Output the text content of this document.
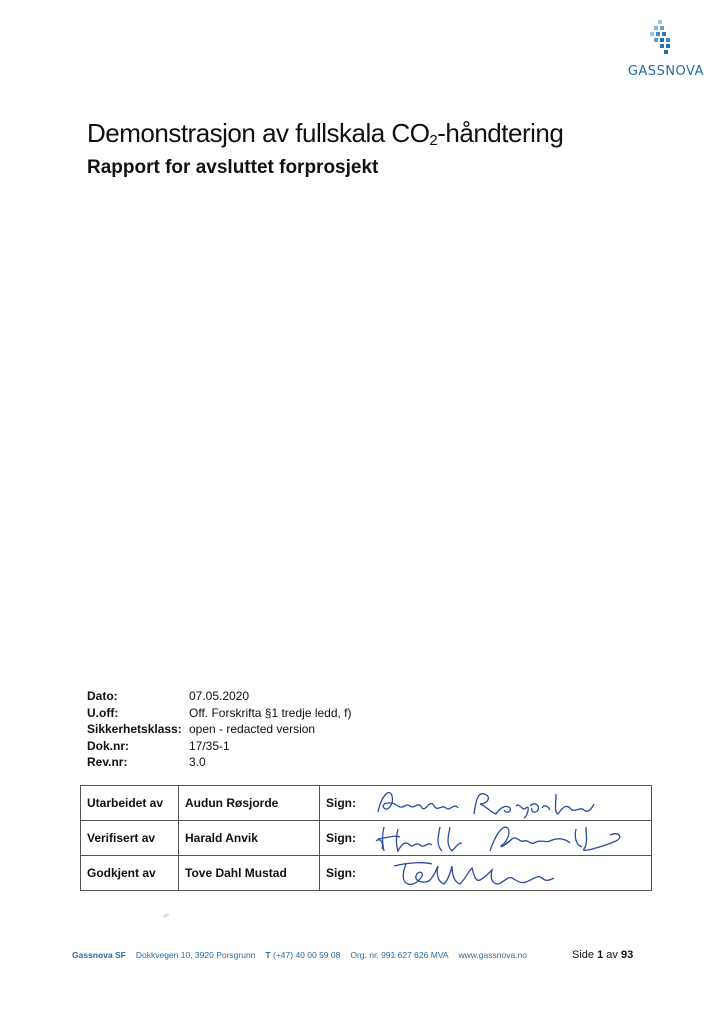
GASSNOVA
Demonstrasjon av fullskala $CO_2$-håndtering
Rapport for avsluttet forprosjekt
Dato:	07.05.2020
U.off:	Off. Forskrifta §1 tredje ledd, f)
Sikkerhetsklass: open - redacted version
Dok.nr:	17/35-1
Rev.nr:	3.0
Utarbeidet av	Audun Røsjorde	Sign:	

Verifisert av	Harald Anvik	Sign:	

Godkjent av	Tove Dahl Mustad	Sign:	
Gassnova SF Dokkvegen 10, 3920 Porsgrunn T (+47) 40 00 59 08 Org. nr. 991 627 626 MVA www.gassnova.no	Side 1 av 93
